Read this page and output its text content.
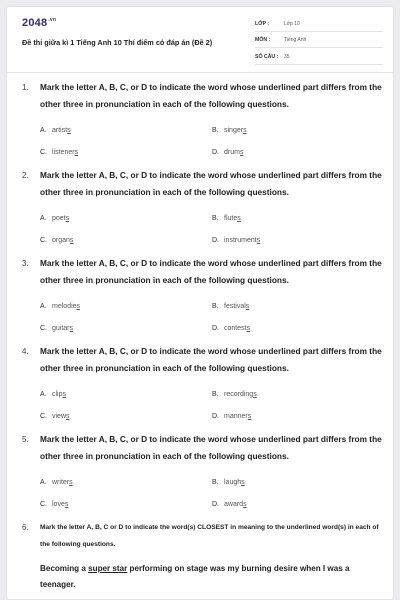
$2048^{.vn}$
Đề thi giữa kì 1 Tiếng Anh 10 Thí điểm có đáp án (Đề 2)
LỚP :	Lớp 10
MÔN :	Tiếng Anh
SỐ CÂU : 35
1. Mark the letter A, B, C, or D to indicate the word whose underlined part differs from the other three in pronunciation in each of the following questions.
A. artists	B. singers
C. listeners	D. drums
2. Mark the letter A, B, C, or D to indicate the word whose underlined part differs from the other three in pronunciation in each of the following questions.
A. poets	B. flutes
C. organs	D. instruments
3. Mark the letter A, B, C, or D to indicate the word whose underlined part differs from the other three in pronunciation in each of the following questions.
A. melodies	B. festivals
C. guitars	D. contests
4. Mark the letter A, B, C, or D to indicate the word whose underlined part differs from the other three in pronunciation in each of the following questions.
A. clips	B. recordings
C. views	D. manners
5. Mark the letter A, B, C, or D to indicate the word whose underlined part differs from the other three in pronunciation in each of the following questions.
A. writers	B. laughs
C. loves	D. awards
6. Mark the letter A, B, C or D to indicate the word(s) CLOSEST in meaning to the underlined word(s) in each of the following questions.
Becoming a super star performing on stage was my burning desire when I was a teenager.
